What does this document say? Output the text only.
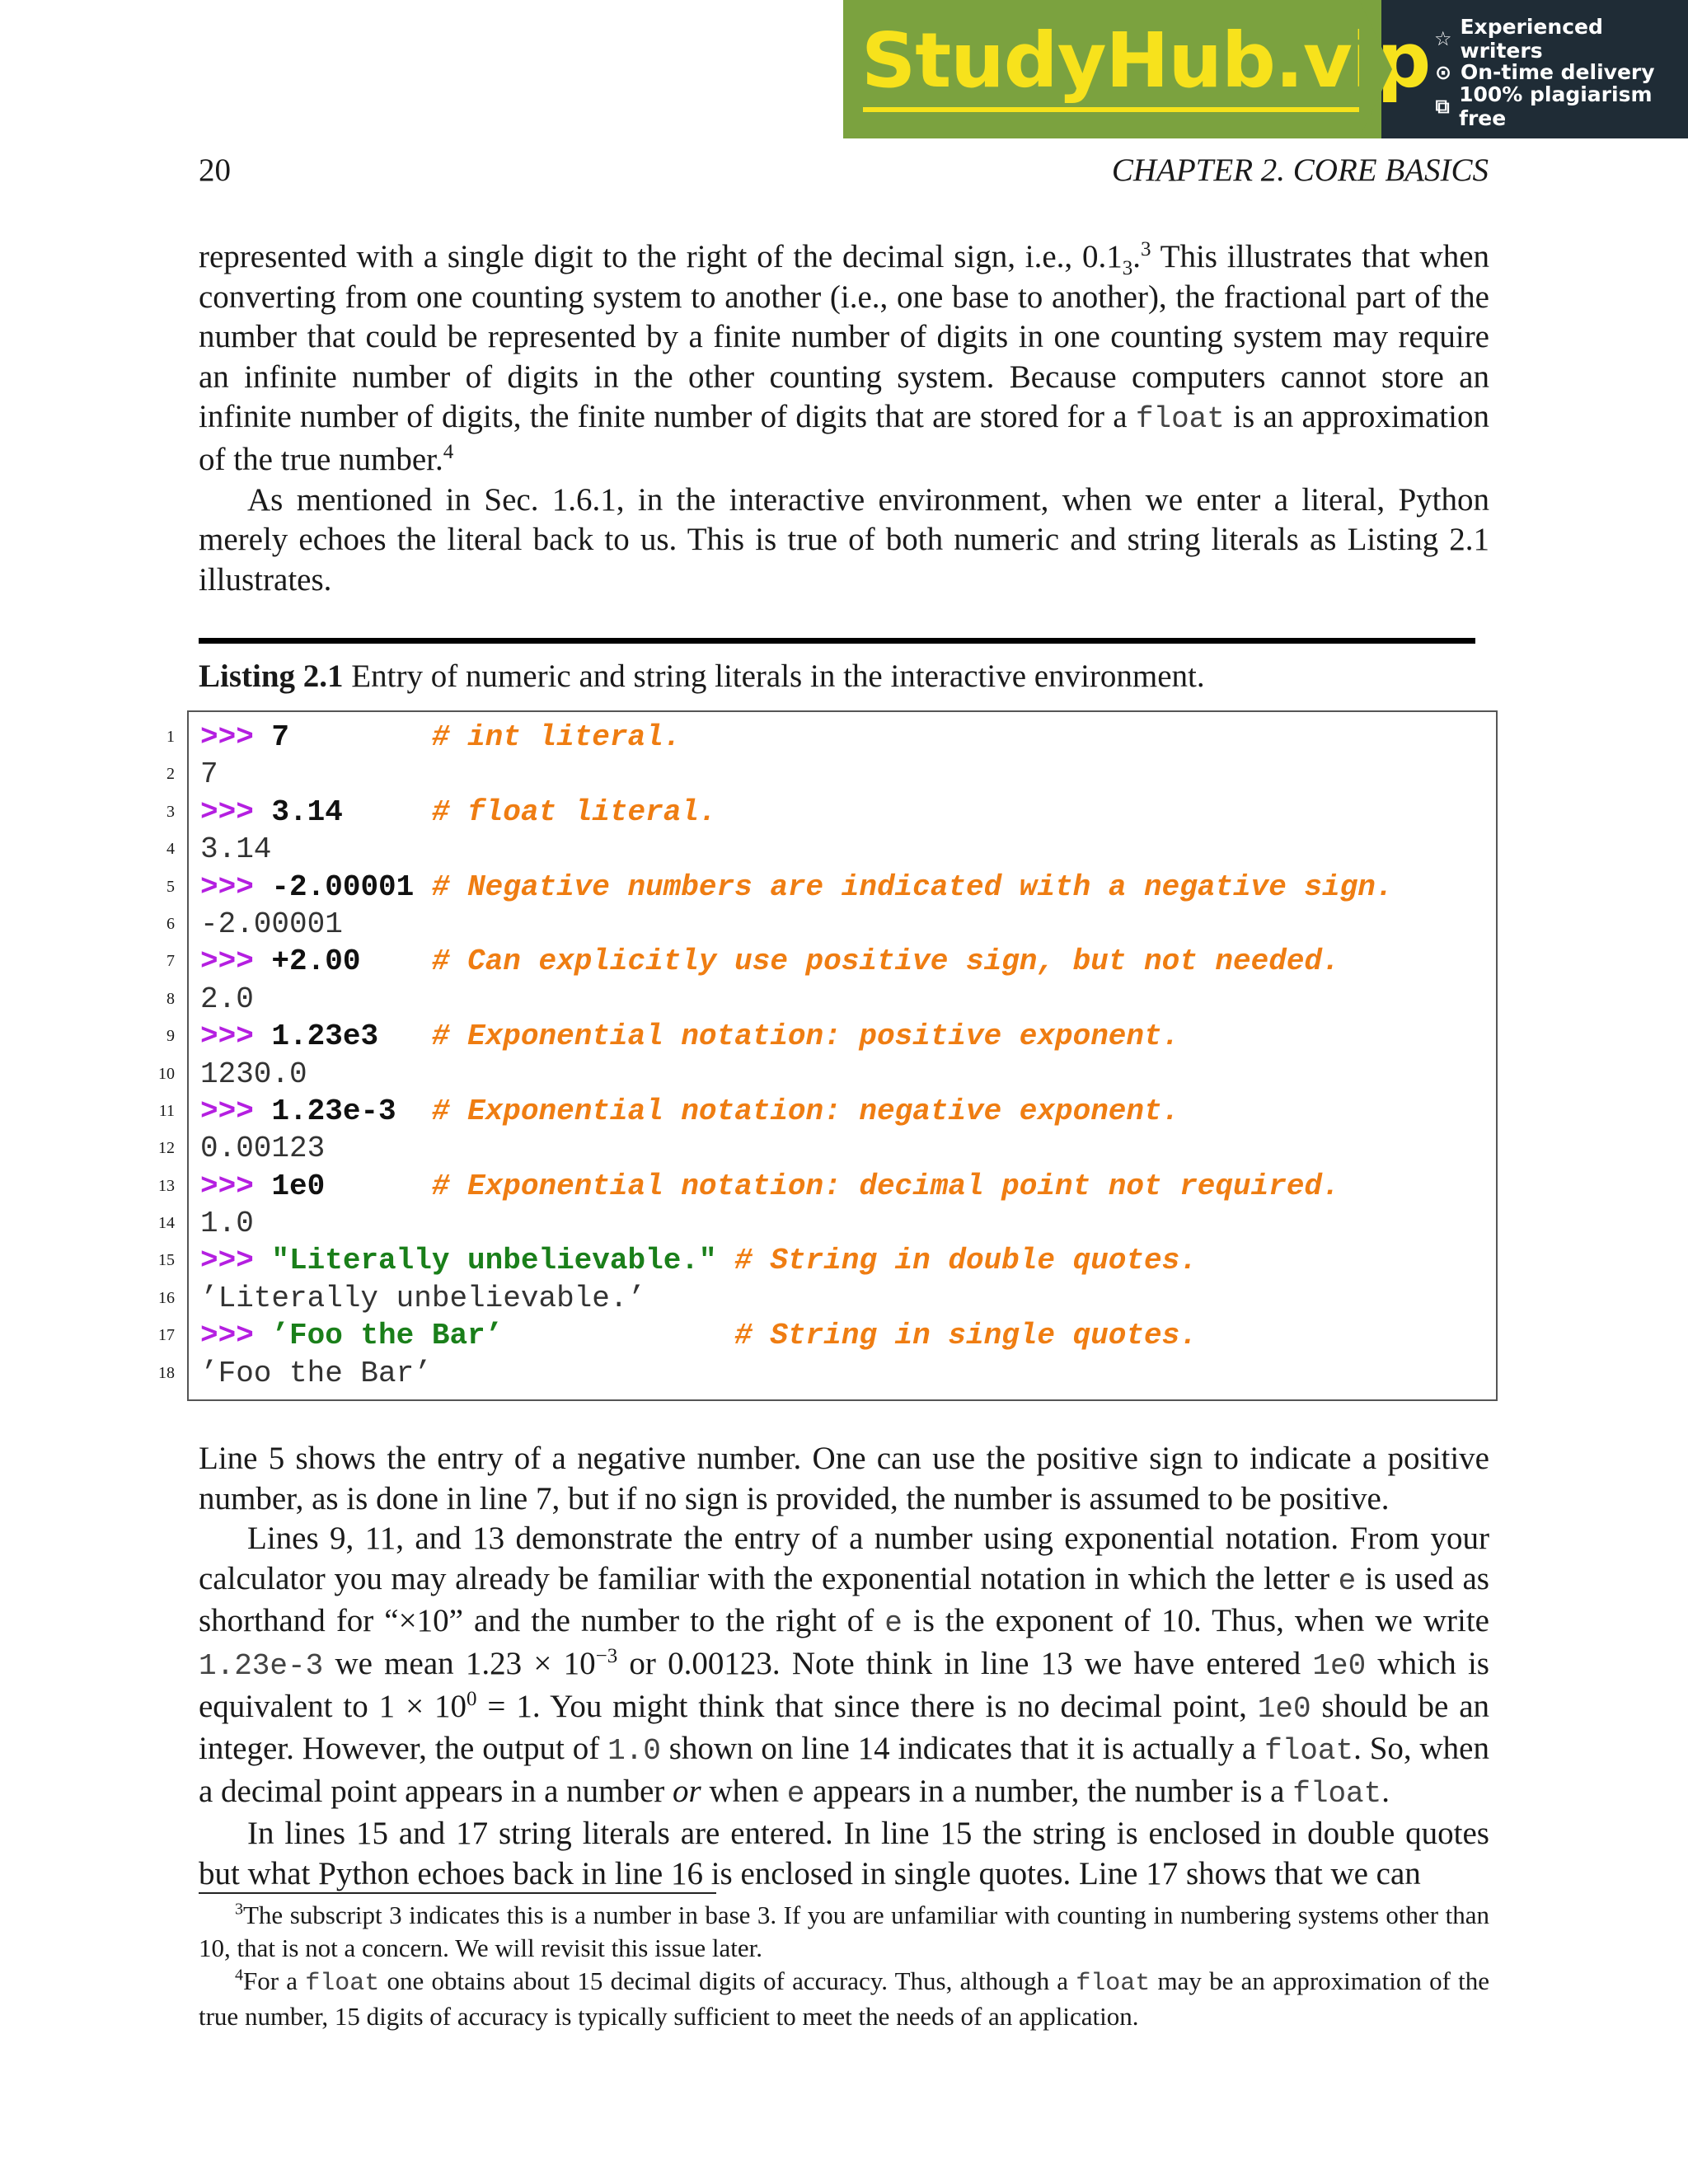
StudyHub.vip ☆ Experienced writers
⊙ On-time delivery
⧉ 100% plagiarism free
20	CHAPTER 2. CORE BASICS

represented with a single digit to the right of the decimal sign, i.e., $0.1_3.^3$ This illustrates that when converting from one counting system to another (i.e., one base to another), the fractional part of the number that could be represented by a finite number of digits in one counting system may require an infinite number of digits in the other counting system. Because computers cannot store an infinite number of digits, the finite number of digits that are stored for a float is an approximation of the true number.$^4$

As mentioned in Sec. 1.6.1, in the interactive environment, when we enter a literal, Python merely echoes the literal back to us. This is true of both numeric and string literals as Listing 2.1 illustrates.

Listing 2.1 Entry of numeric and string literals in the interactive environment.
1
2
3
4
5
6
7
8
9
10
11
12
13
14
15
16
17
18
>>> 7        # int literal.
7
>>> 3.14     # float literal.
3.14
>>> -2.00001 # Negative numbers are indicated with a negative sign.
-2.00001
>>> +2.00    # Can explicitly use positive sign, but not needed.
2.0
>>> 1.23e3   # Exponential notation: positive exponent.
1230.0
>>> 1.23e-3  # Exponential notation: negative exponent.
0.00123
>>> 1e0      # Exponential notation: decimal point not required.
1.0
>>> "Literally unbelievable." # String in double quotes.
’Literally unbelievable.’
>>> ’Foo the Bar’             # String in single quotes.
’Foo the Bar’

Line 5 shows the entry of a negative number. One can use the positive sign to indicate a positive number, as is done in line 7, but if no sign is provided, the number is assumed to be positive.

Lines 9, 11, and 13 demonstrate the entry of a number using exponential notation. From your calculator you may already be familiar with the exponential notation in which the letter e is used as shorthand for “×10” and the number to the right of e is the exponent of 10. Thus, when we write 1.23e-3 we mean $1.23 \times 10^{-3}$ or 0.00123. Note think in line 13 we have entered 1e0 which is equivalent to $1 \times 10^0 = 1$. You might think that since there is no decimal point, 1e0 should be an integer. However, the output of 1.0 shown on line 14 indicates that it is actually a float. So, when a decimal point appears in a number or when e appears in a number, the number is a float.

In lines 15 and 17 string literals are entered. In line 15 the string is enclosed in double quotes but what Python echoes back in line 16 is enclosed in single quotes. Line 17 shows that we can

$^3$The subscript 3 indicates this is a number in base 3. If you are unfamiliar with counting in numbering systems other than 10, that is not a concern. We will revisit this issue later.

$^4$For a float one obtains about 15 decimal digits of accuracy. Thus, although a float may be an approximation of the true number, 15 digits of accuracy is typically sufficient to meet the needs of an application.
